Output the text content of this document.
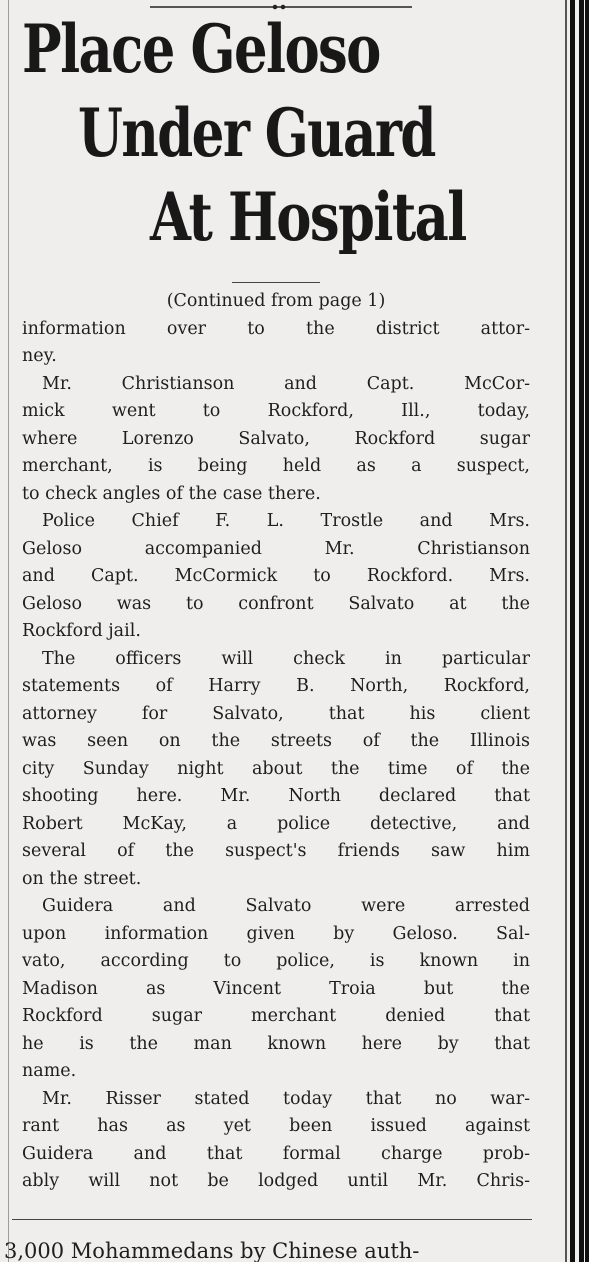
Place Geloso
Under Guard
At Hospital
(Continued from page 1)
information over to the district attor-
ney.
Mr. Christianson and Capt. McCor-
mick went to Rockford, Ill., today,
where Lorenzo Salvato, Rockford sugar
merchant, is being held as a suspect,
to check angles of the case there.
Police Chief F. L. Trostle and Mrs.
Geloso accompanied Mr. Christianson
and Capt. McCormick to Rockford. Mrs.
Geloso was to confront Salvato at the
Rockford jail.
The officers will check in particular
statements of Harry B. North, Rockford,
attorney for Salvato, that his client
was seen on the streets of the Illinois
city Sunday night about the time of the
shooting here. Mr. North declared that
Robert McKay, a police detective, and
several of the suspect's friends saw him
on the street.
Guidera and Salvato were arrested
upon information given by Geloso. Sal-
vato, according to police, is known in
Madison as Vincent Troia but the
Rockford sugar merchant denied that
he is the man known here by that
name.
Mr. Risser stated today that no war-
rant has as yet been issued against
Guidera and that formal charge prob-
ably will not be lodged until Mr. Chris-
3,000 Mohammedans by Chinese auth-
